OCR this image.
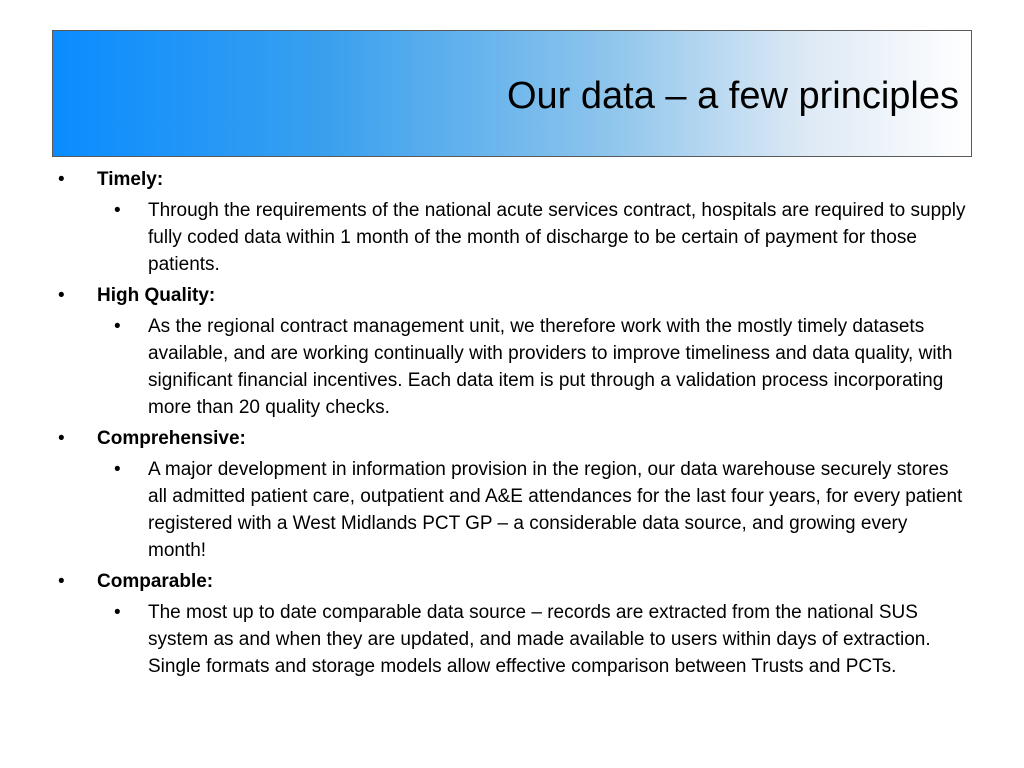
Our data – a few principles
• Timely:
• Through the requirements of the national acute services contract, hospitals are required to supply fully coded data within 1 month of the month of discharge to be certain of payment for those patients.
• High Quality:
• As the regional contract management unit, we therefore work with the mostly timely datasets available, and are working continually with providers to improve timeliness and data quality, with significant financial incentives. Each data item is put through a validation process incorporating more than 20 quality checks.
• Comprehensive:
• A major development in information provision in the region, our data warehouse securely stores all admitted patient care, outpatient and A&E attendances for the last four years, for every patient registered with a West Midlands PCT GP – a considerable data source, and growing every month!
• Comparable:
• The most up to date comparable data source – records are extracted from the national SUS system as and when they are updated, and made available to users within days of extraction. Single formats and storage models allow effective comparison between Trusts and PCTs.
